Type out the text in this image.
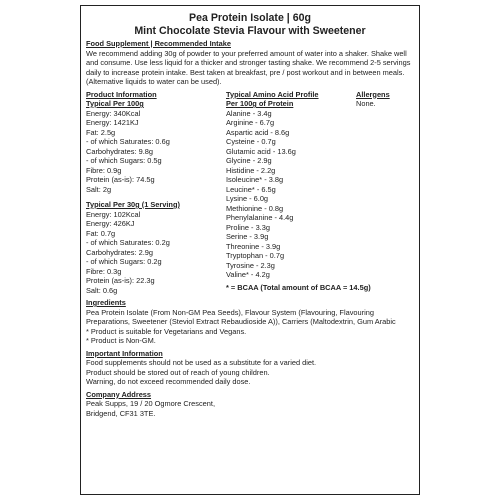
Pea Protein Isolate | 60g
Mint Chocolate Stevia Flavour with Sweetener
Food Supplement | Recommended Intake
We recommend adding 30g of powder to your preferred amount of water into a shaker. Shake well and consume. Use less liquid for a thicker and stronger tasting shake. We recommend 2-5 servings daily to increase protein intake. Best taken at breakfast, pre / post workout and in between meals. (Alternative liquids to water can be used).
Product Information
Typical Per 100g
Energy: 340Kcal
Energy: 1421KJ
Fat: 2.5g
- of which Saturates: 0.6g
Carbohydrates: 9.8g
- of which Sugars: 0.5g
Fibre: 0.9g
Protein (as-is): 74.5g
Salt: 2g
Typical Per 30g (1 Serving)
Energy: 102Kcal
Energy: 426KJ
Fat: 0.7g
- of which Saturates: 0.2g
Carbohydrates: 2.9g
- of which Sugars: 0.2g
Fibre: 0.3g
Protein (as-is): 22.3g
Salt: 0.6g
Typical Amino Acid Profile
Per 100g of Protein
Alanine - 3.4g
Arginine - 6.7g
Aspartic acid - 8.6g
Cysteine - 0.7g
Glutamic acid - 13.6g
Glycine - 2.9g
Histidine - 2.2g
Isoleucine* - 3.8g
Leucine* - 6.5g
Lysine - 6.0g
Methionine - 0.8g
Phenylalanine - 4.4g
Proline - 3.3g
Serine - 3.9g
Threonine - 3.9g
Tryptophan - 0.7g
Tyrosine - 2.3g
Valine* - 4.2g
* = BCAA (Total amount of BCAA = 14.5g)
Allergens
None.
Ingredients
Pea Protein Isolate (From Non-GM Pea Seeds), Flavour System (Flavouring, Flavouring Preparations, Sweetener (Steviol Extract Rebaudioside A)), Carriers (Maltodextrin, Gum Arabic
* Product is suitable for Vegetarians and Vegans.
* Product is Non-GM.
Important Information
Food supplements should not be used as a substitute for a varied diet.
Product should be stored out of reach of young children.
Warning, do not exceed recommended daily dose.
Company Address
Peak Supps, 19 / 20 Ogmore Crescent,
Bridgend, CF31 3TE.
